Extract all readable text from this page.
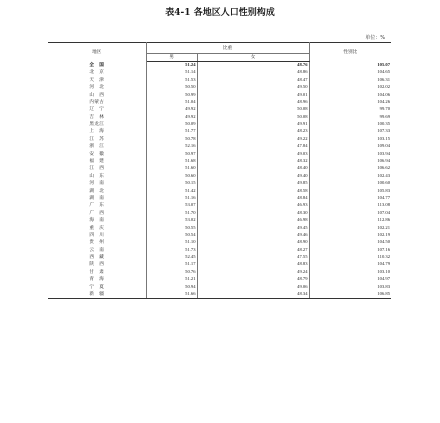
表4-1 各地区人口性别构成
单位：%
地区	比重		性别比
	男	女	
全　国	51.24	48.76	105.07
北　京	51.14	48.86	104.65
天　津	51.53	48.47	106.31
河　北	50.50	49.50	102.02
山　西	50.99	49.01	104.06
内蒙古	51.04	48.96	104.26
辽　宁	49.92	50.08	99.70
吉　林	49.92	50.08	99.69
黑龙江	50.09	49.91	100.35
上　海	51.77	48.23	107.33
江　苏	50.78	49.22	103.15
浙　江	52.16	47.84	109.04
安　徽	50.97	49.03	103.94
福　建	51.68	48.32	106.94
江　西	51.60	48.40	106.62
山　东	50.60	49.40	102.43
河　南	50.15	49.85	100.60
湖　北	51.42	48.58	105.83
湖　南	51.16	48.84	104.77
广　东	53.07	46.93	113.08
广　西	51.70	48.30	107.04
海　南	53.02	46.98	112.86
重　庆	50.55	49.45	102.21
四　川	50.54	49.46	102.19
贵　州	51.10	48.90	104.50
云　南	51.73	48.27	107.16
西　藏	52.45	47.55	110.32
陕　西	51.17	48.83	104.79
甘　肃	50.76	49.24	103.10
青　海	51.21	48.79	104.97
宁　夏	50.94	49.06	103.83
新　疆	51.66	48.34	106.85
